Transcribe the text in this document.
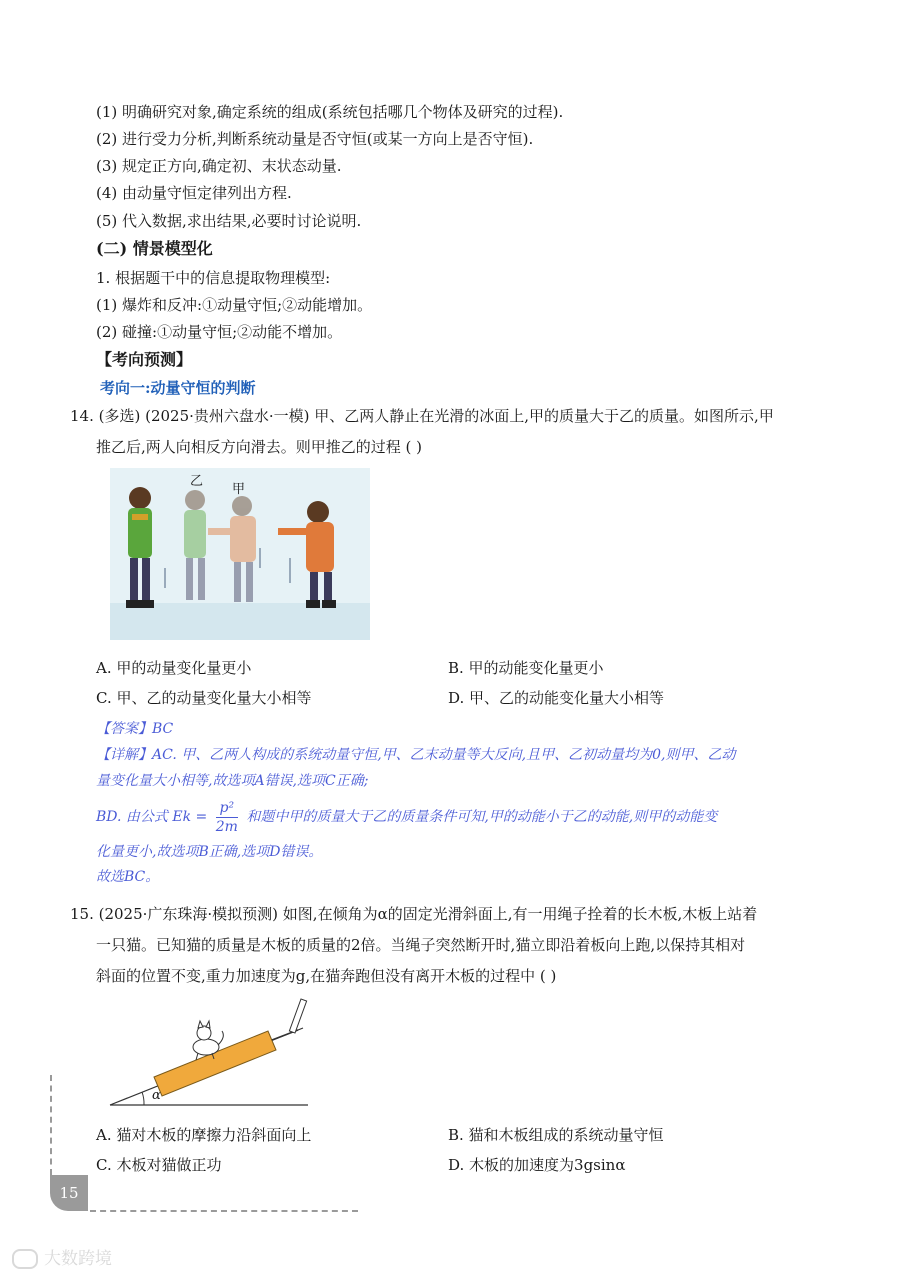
(1) 明确研究对象,确定系统的组成(系统包括哪几个物体及研究的过程).
(2) 进行受力分析,判断系统动量是否守恒(或某一方向上是否守恒).
(3) 规定正方向,确定初、末状态动量.
(4) 由动量守恒定律列出方程.
(5) 代入数据,求出结果,必要时讨论说明.
(二) 情景模型化
1. 根据题干中的信息提取物理模型:
(1) 爆炸和反冲:①动量守恒;②动能增加。
(2) 碰撞:①动量守恒;②动能不增加。
【考向预测】
考向一:动量守恒的判断
14. (多选) (2025·贵州六盘水·一模) 甲、乙两人静止在光滑的冰面上,甲的质量大于乙的质量。如图所示,甲
推乙后,两人向相反方向滑去。则甲推乙的过程 ( )
乙
甲
A. 甲的动量变化量更小	B. 甲的动能变化量更小
C. 甲、乙的动量变化量大小相等	D. 甲、乙的动能变化量大小相等
【答案】BC
【详解】AC. 甲、乙两人构成的系统动量守恒,甲、乙末动量等大反向,且甲、乙初动量均为0,则甲、乙动
量变化量大小相等,故选项A错误,选项C正确;
BD. 由公式 $Ek = \frac{\text{p²}}{2m}$ 和题中甲的质量大于乙的质量条件可知,甲的动能小于乙的动能,则甲的动能变
化量更小,故选项B正确,选项D错误。
故选BC。
15. (2025·广东珠海·模拟预测) 如图,在倾角为α的固定光滑斜面上,有一用绳子拴着的长木板,木板上站着
一只猫。已知猫的质量是木板的质量的2倍。当绳子突然断开时,猫立即沿着板向上跑,以保持其相对
斜面的位置不变,重力加速度为g,在猫奔跑但没有离开木板的过程中 ( )
α
A. 猫对木板的摩擦力沿斜面向上	B. 猫和木板组成的系统动量守恒
C. 木板对猫做正功	D. 木板的加速度为3gsinα
15
大数跨境
